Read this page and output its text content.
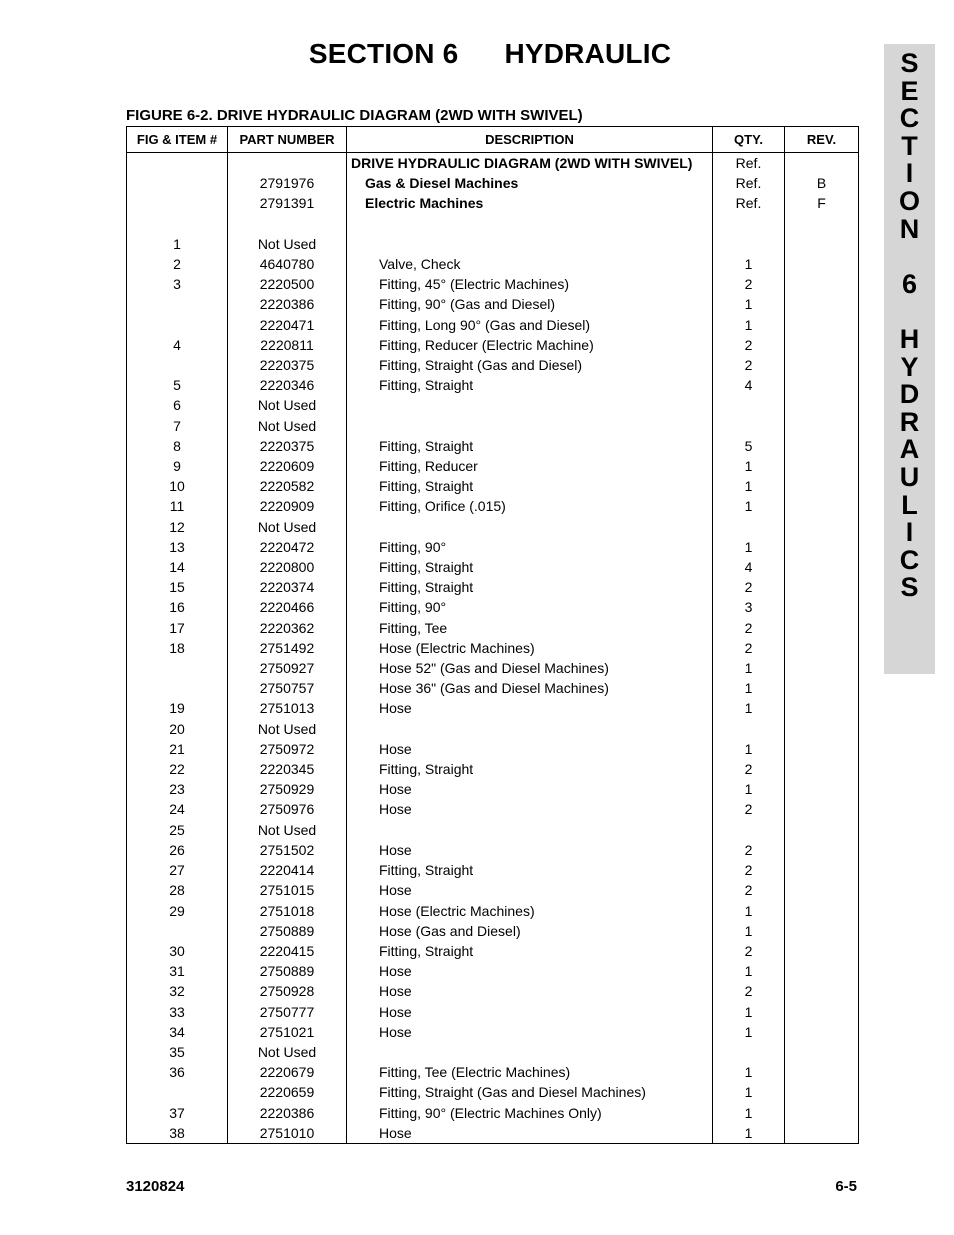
SECTION 6 HYDRAULIC	S
E
C
T
I
O
N
6
H
Y
D
R
A
U
L
I
C
S
FIGURE 6-2. DRIVE HYDRAULIC DIAGRAM (2WD WITH SWIVEL)
FIG & ITEM #	PART NUMBER	DESCRIPTION	QTY.	REV.
		DRIVE HYDRAULIC DIAGRAM (2WD WITH SWIVEL)	Ref.	
	2791976	Gas & Diesel Machines	Ref.	B
	2791391	Electric Machines	Ref.	F

1	Not Used			
2	4640780	Valve, Check	1	
3	2220500	Fitting, 45° (Electric Machines)	2	
	2220386	Fitting, 90° (Gas and Diesel)	1	
	2220471	Fitting, Long 90° (Gas and Diesel)	1	
4	2220811	Fitting, Reducer (Electric Machine)	2	
	2220375	Fitting, Straight (Gas and Diesel)	2	
5	2220346	Fitting, Straight	4	
6	Not Used			
7	Not Used			
8	2220375	Fitting, Straight	5	
9	2220609	Fitting, Reducer	1	
10	2220582	Fitting, Straight	1	
11	2220909	Fitting, Orifice (.015)	1	
12	Not Used			
13	2220472	Fitting, 90°	1	
14	2220800	Fitting, Straight	4	
15	2220374	Fitting, Straight	2	
16	2220466	Fitting, 90°	3	
17	2220362	Fitting, Tee	2	
18	2751492	Hose (Electric Machines)	2	
	2750927	Hose 52" (Gas and Diesel Machines)	1	
	2750757	Hose 36" (Gas and Diesel Machines)	1	
19	2751013	Hose	1	
20	Not Used			
21	2750972	Hose	1	
22	2220345	Fitting, Straight	2	
23	2750929	Hose	1	
24	2750976	Hose	2	
25	Not Used			
26	2751502	Hose	2	
27	2220414	Fitting, Straight	2	
28	2751015	Hose	2	
29	2751018	Hose (Electric Machines)	1	
	2750889	Hose (Gas and Diesel)	1	
30	2220415	Fitting, Straight	2	
31	2750889	Hose	1	
32	2750928	Hose	2	
33	2750777	Hose	1	
34	2751021	Hose	1	
35	Not Used			
36	2220679	Fitting, Tee (Electric Machines)	1	
	2220659	Fitting, Straight (Gas and Diesel Machines)	1	
37	2220386	Fitting, 90° (Electric Machines Only)	1	
38	2751010	Hose	1	
3120824	6-5
